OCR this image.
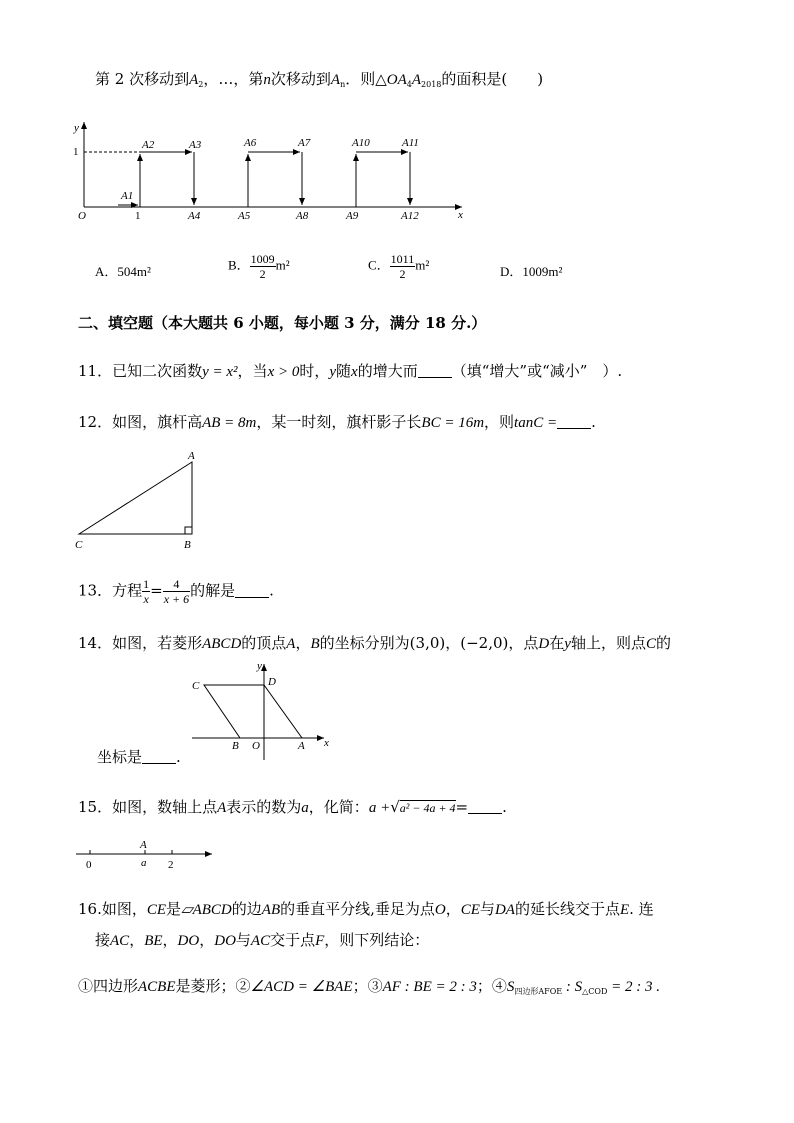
第 2 次移动到$A_2$，…，第n次移动到$A_n$．则$\triangle OA_4A_{2018}$的面积是(　　)
y
x
O
1
1
A1
A2	A3
A4	A5
A6	A7
A8	A9
A10	A11
A12
A．504m²	B． $\frac{1009}{2} m^2$	C． $\frac{1011}{2} m^2$	D．1009m²
二、填空题（本大题共 6 小题，每小题 3 分，满分 18 分.）
11．已知二次函数y = x²，当x > 0时，y随x的增大而 （填“增大”或“减小”　）.
12．如图，旗杆高AB = 8m，某一时刻，旗杆影子长BC = 16m，则tanC = .
A
B
C
13．方程 $\frac{1}{x} = \frac{4}{x + 6}$ 的解是 .
14．如图，若菱形ABCD的顶点A，B的坐标分别为(3,0)，(−2,0)，点D在y轴上，则点C的
坐标是 .
C	D
y
B O	A x
15．如图，数轴上点A表示的数为a，化简：a +√a² − 4a + 4= .
0
A
a 2
16.如图，CE是▱ABCD的边AB的垂直平分线,垂足为点O，CE与DA的延长线交于点E. 连
接AC，BE，DO，DO与AC交于点F，则下列结论：
①四边形ACBE是菱形；②∠ACD = ∠BAE；③AF : BE = 2 : 3；$④S_{四边形AFOE}$ : $S_{\triangle COD} = 2$ : 3 .
